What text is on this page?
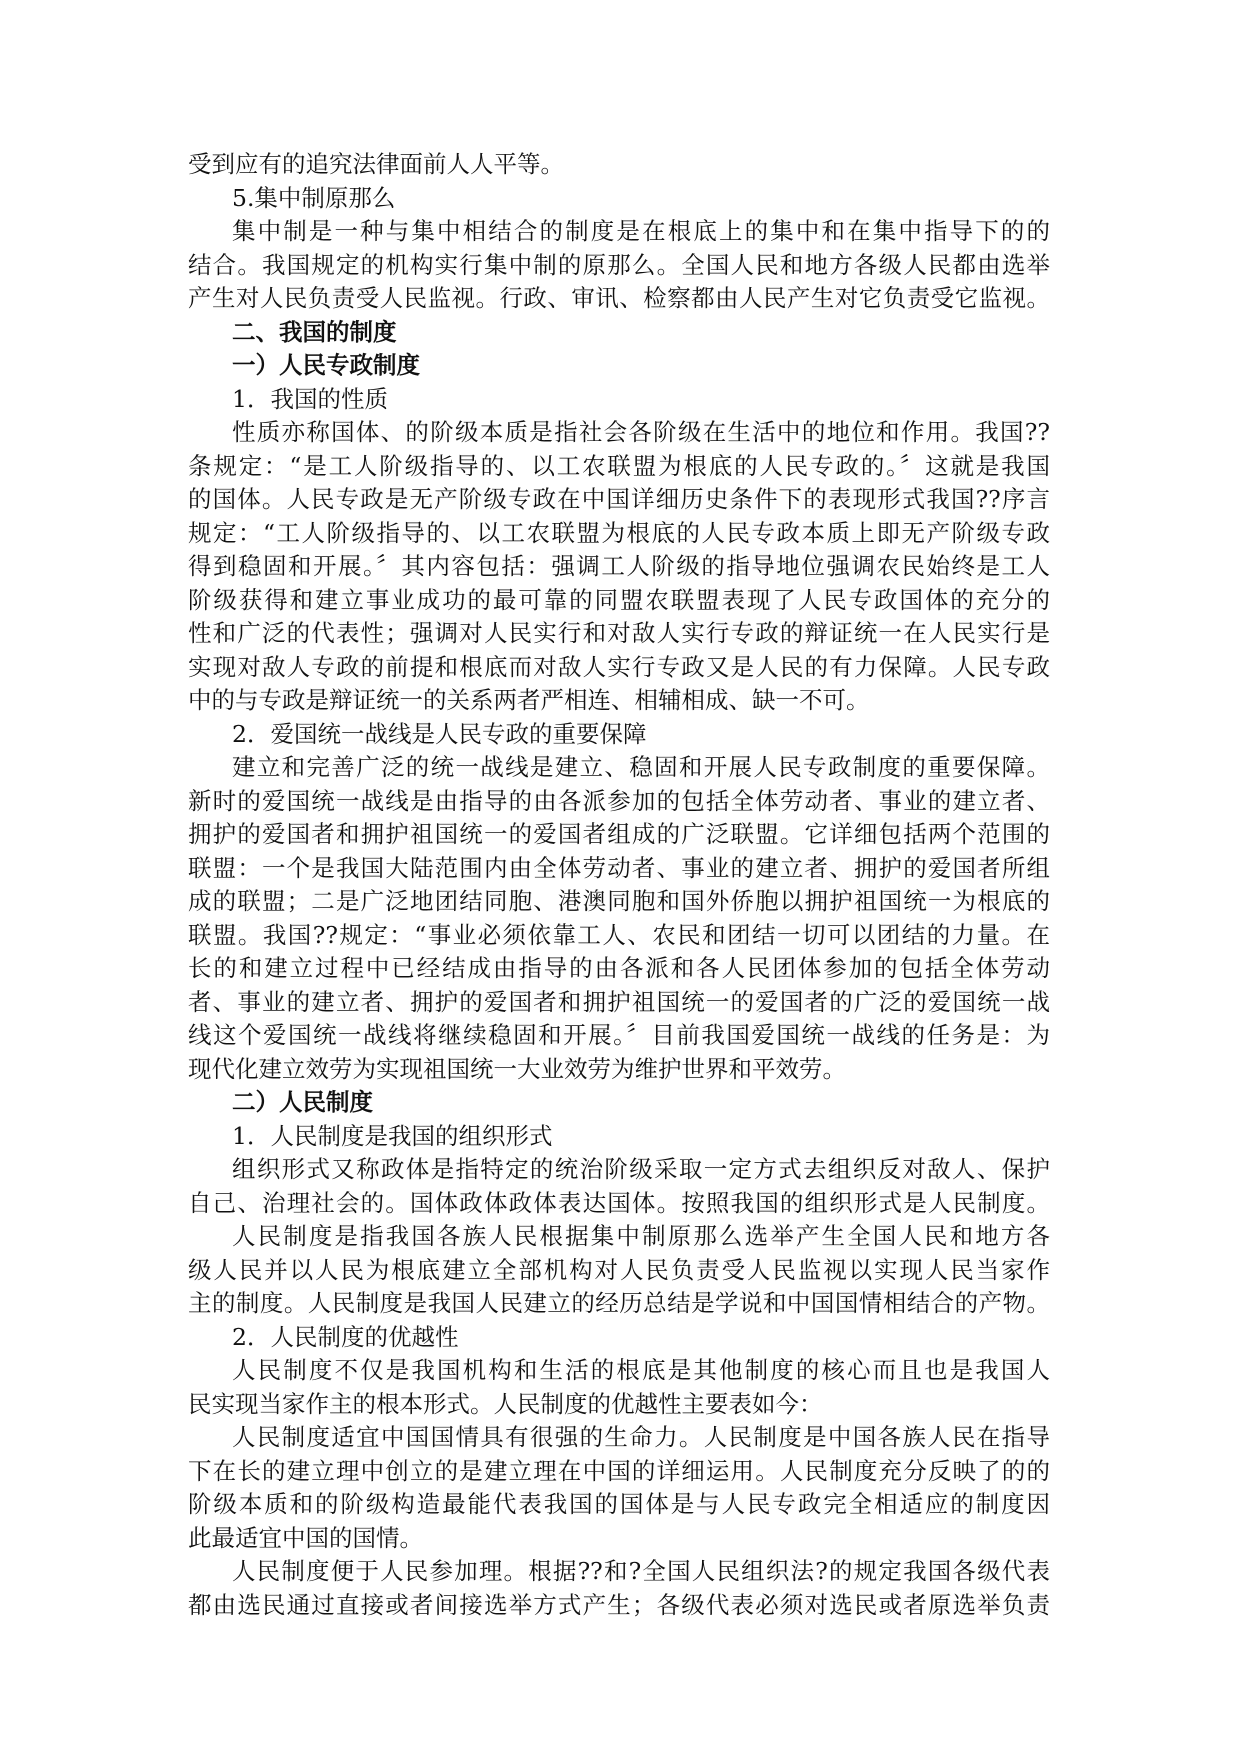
受到应有的追究法律面前人人平等。
5.集中制原那么
集中制是一种与集中相结合的制度是在根底上的集中和在集中指导下的的
结合。我国规定的机构实行集中制的原那么。全国人民和地方各级人民都由选举
产生对人民负责受人民监视。行政、审讯、检察都由人民产生对它负责受它监视。
二、我国的制度
一）人民专政制度
1．我国的性质
性质亦称国体、的阶级本质是指社会各阶级在生活中的地位和作用。我国??
条规定：“是工人阶级指导的、以工农联盟为根底的人民专政的。〞这就是我国
的国体。人民专政是无产阶级专政在中国详细历史条件下的表现形式我国??序言
规定：“工人阶级指导的、以工农联盟为根底的人民专政本质上即无产阶级专政
得到稳固和开展。〞其内容包括：强调工人阶级的指导地位强调农民始终是工人
阶级获得和建立事业成功的最可靠的同盟农联盟表现了人民专政国体的充分的
性和广泛的代表性；强调对人民实行和对敌人实行专政的辩证统一在人民实行是
实现对敌人专政的前提和根底而对敌人实行专政又是人民的有力保障。人民专政
中的与专政是辩证统一的关系两者严相连、相辅相成、缺一不可。
2．爱国统一战线是人民专政的重要保障
建立和完善广泛的统一战线是建立、稳固和开展人民专政制度的重要保障。
新时的爱国统一战线是由指导的由各派参加的包括全体劳动者、事业的建立者、
拥护的爱国者和拥护祖国统一的爱国者组成的广泛联盟。它详细包括两个范围的
联盟：一个是我国大陆范围内由全体劳动者、事业的建立者、拥护的爱国者所组
成的联盟；二是广泛地团结同胞、港澳同胞和国外侨胞以拥护祖国统一为根底的
联盟。我国??规定：“事业必须依靠工人、农民和团结一切可以团结的力量。在
长的和建立过程中已经结成由指导的由各派和各人民团体参加的包括全体劳动
者、事业的建立者、拥护的爱国者和拥护祖国统一的爱国者的广泛的爱国统一战
线这个爱国统一战线将继续稳固和开展。〞目前我国爱国统一战线的任务是：为
现代化建立效劳为实现祖国统一大业效劳为维护世界和平效劳。
二）人民制度
1．人民制度是我国的组织形式
组织形式又称政体是指特定的统治阶级采取一定方式去组织反对敌人、保护
自己、治理社会的。国体政体政体表达国体。按照我国的组织形式是人民制度。
人民制度是指我国各族人民根据集中制原那么选举产生全国人民和地方各
级人民并以人民为根底建立全部机构对人民负责受人民监视以实现人民当家作
主的制度。人民制度是我国人民建立的经历总结是学说和中国国情相结合的产物。
2．人民制度的优越性
人民制度不仅是我国机构和生活的根底是其他制度的核心而且也是我国人
民实现当家作主的根本形式。人民制度的优越性主要表如今：
人民制度适宜中国国情具有很强的生命力。人民制度是中国各族人民在指导
下在长的建立理中创立的是建立理在中国的详细运用。人民制度充分反映了的的
阶级本质和的阶级构造最能代表我国的国体是与人民专政完全相适应的制度因
此最适宜中国的国情。
人民制度便于人民参加理。根据??和?全国人民组织法?的规定我国各级代表
都由选民通过直接或者间接选举方式产生；各级代表必须对选民或者原选举负责
